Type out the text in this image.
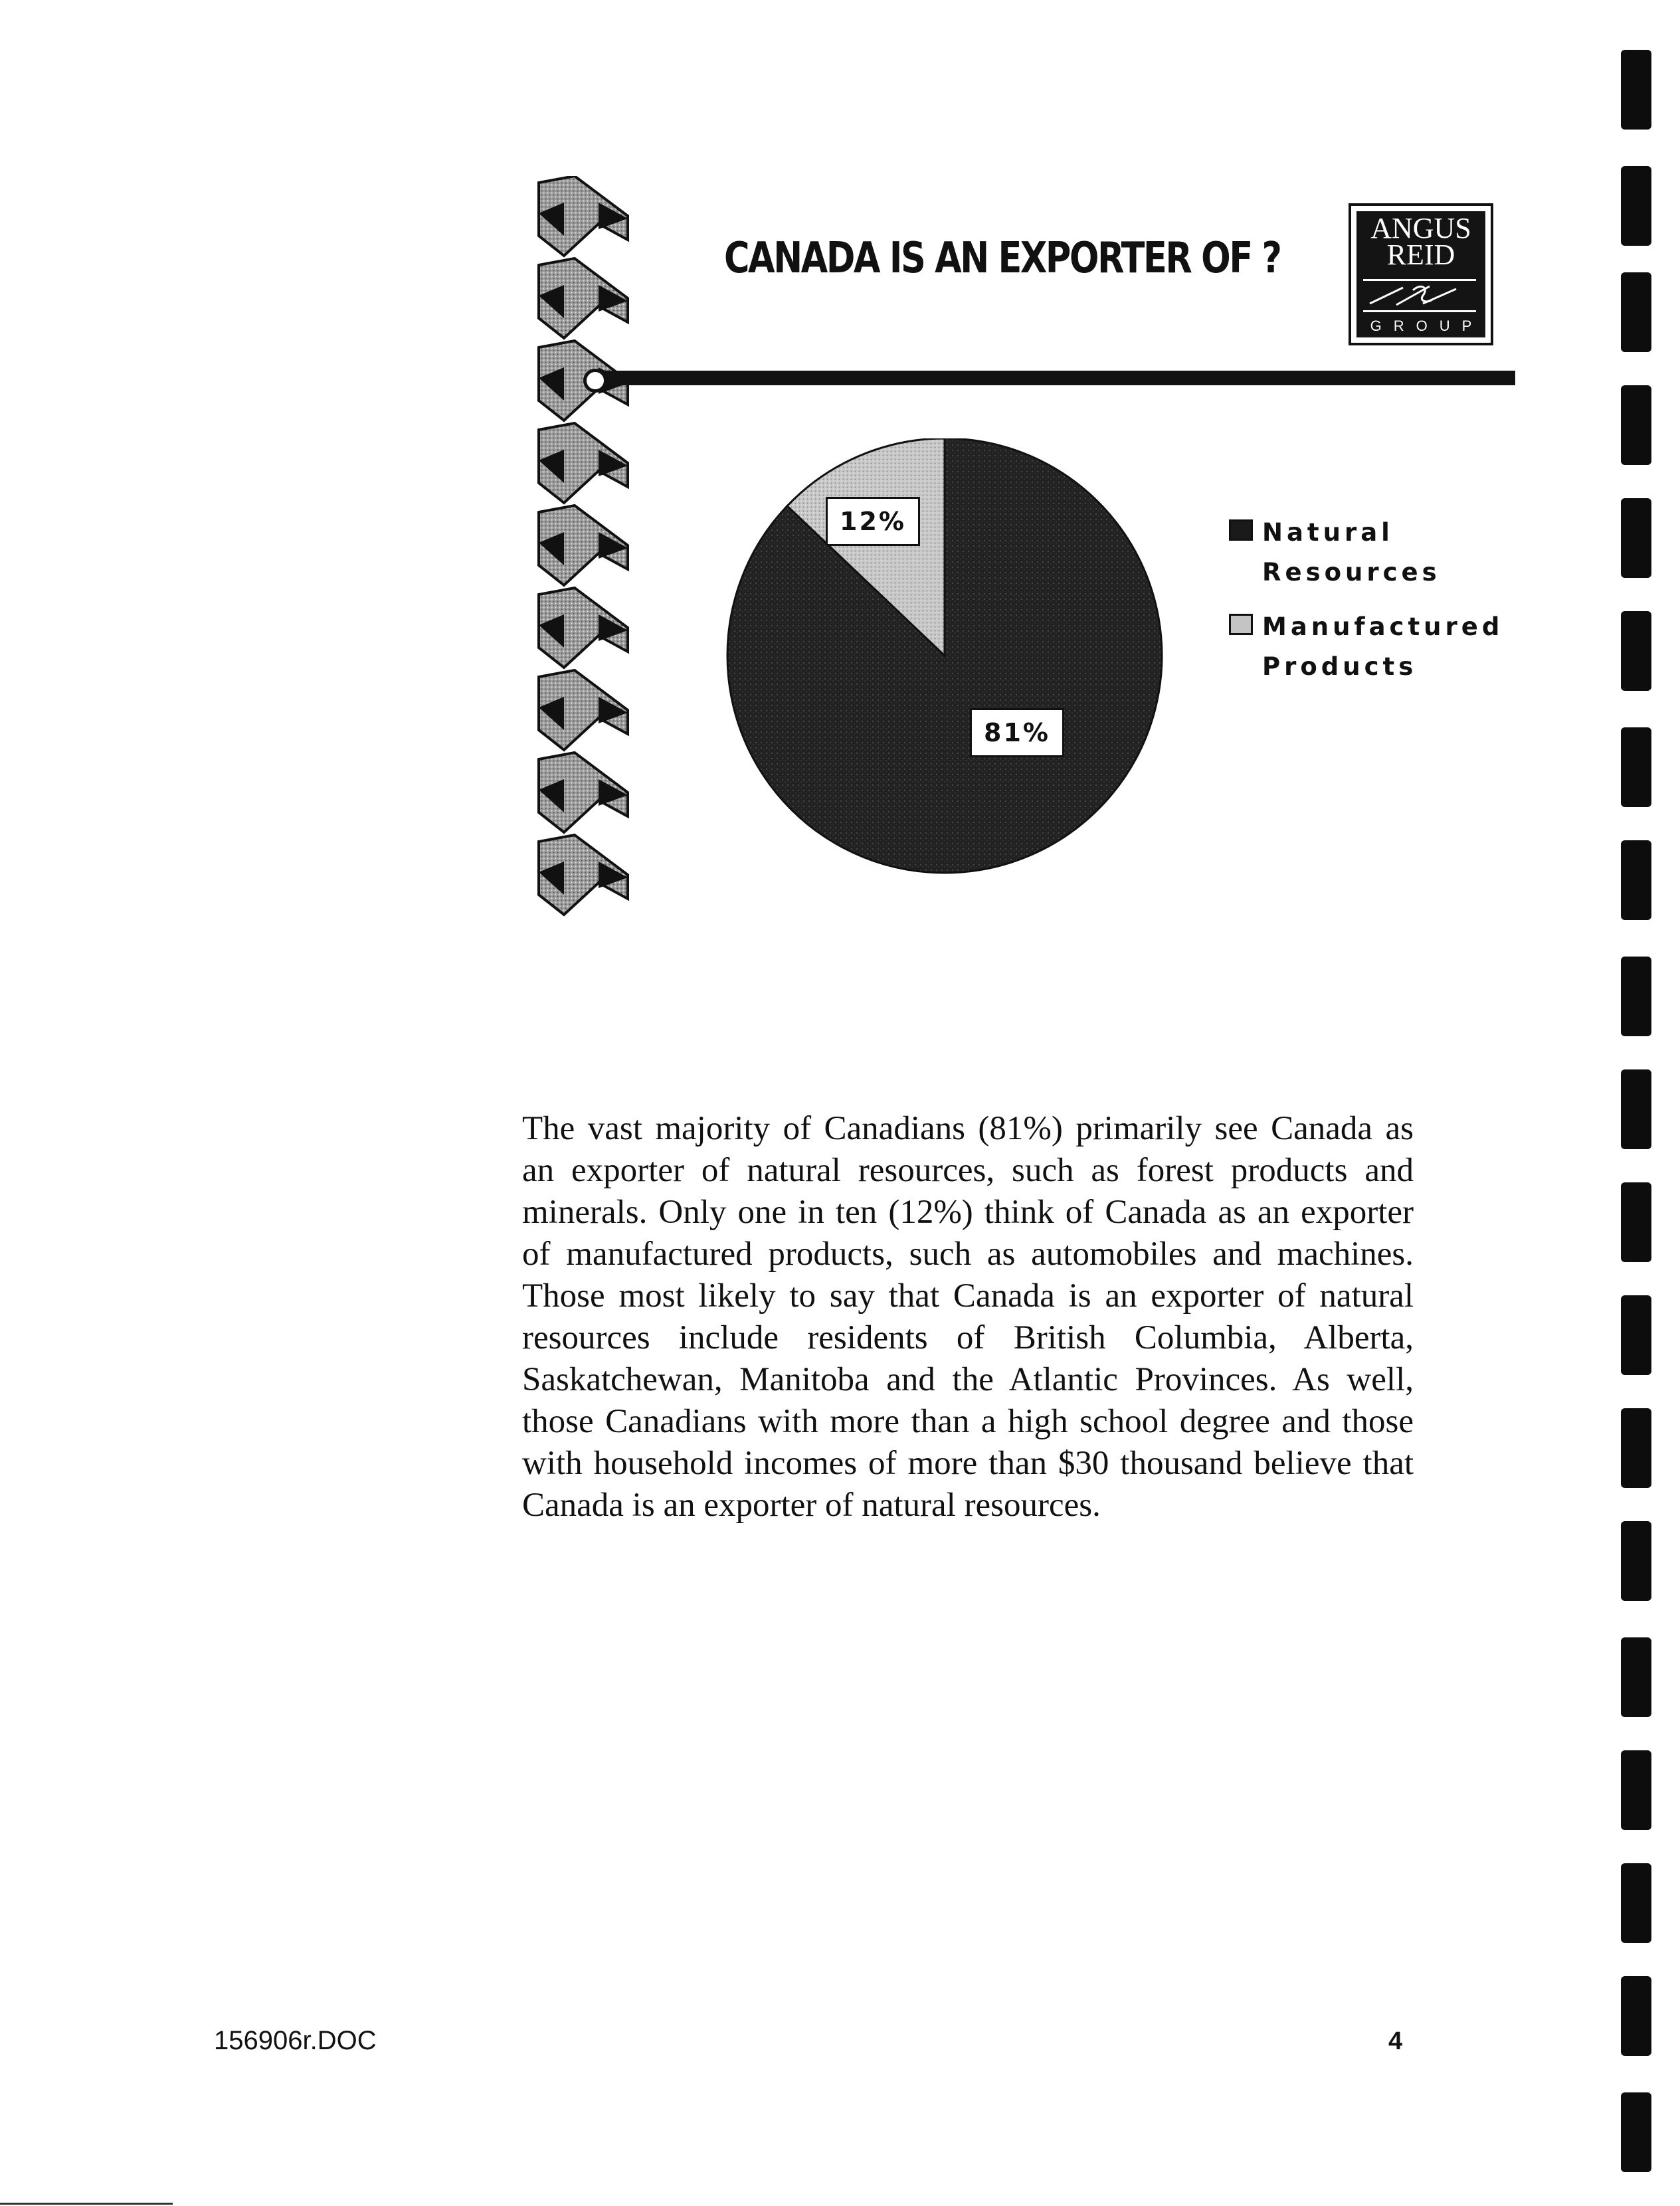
CANADA IS AN EXPORTER OF ?
ANGUS
REID
GROUP
12%
81%
Natural Resources
Manufactured Products
The vast majority of Canadians (81%) primarily see Canada as an exporter of natural resources, such as forest products and minerals. Only one in ten (12%) think of Canada as an exporter of manufactured products, such as automobiles and machines. Those most likely to say that Canada is an exporter of natural resources include residents of British Columbia, Alberta, Saskatchewan, Manitoba and the Atlantic Provinces. As well, those Canadians with more than a high school degree and those with household incomes of more than $30 thousand believe that Canada is an exporter of natural resources.
156906r.DOC	4
